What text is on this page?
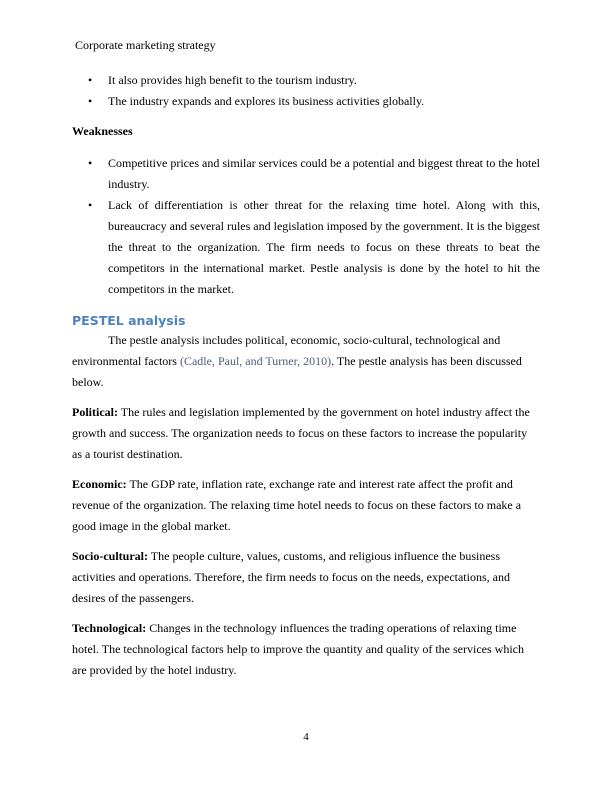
Corporate marketing strategy
• It also provides high benefit to the tourism industry.
• The industry expands and explores its business activities globally.
Weaknesses
• Competitive prices and similar services could be a potential and biggest threat to the hotel industry.
• Lack of differentiation is other threat for the relaxing time hotel. Along with this, bureaucracy and several rules and legislation imposed by the government. It is the biggest the threat to the organization. The firm needs to focus on these threats to beat the competitors in the international market. Pestle analysis is done by the hotel to hit the competitors in the market.
PESTEL analysis

The pestle analysis includes political, economic, socio-cultural, technological and environmental factors (Cadle, Paul, and Turner, 2010). The pestle analysis has been discussed below.

Political: The rules and legislation implemented by the government on hotel industry affect the growth and success. The organization needs to focus on these factors to increase the popularity as a tourist destination.

Economic: The GDP rate, inflation rate, exchange rate and interest rate affect the profit and revenue of the organization. The relaxing time hotel needs to focus on these factors to make a good image in the global market.

Socio-cultural: The people culture, values, customs, and religious influence the business activities and operations. Therefore, the firm needs to focus on the needs, expectations, and desires of the passengers.

Technological: Changes in the technology influences the trading operations of relaxing time hotel. The technological factors help to improve the quantity and quality of the services which are provided by the hotel industry.

4
